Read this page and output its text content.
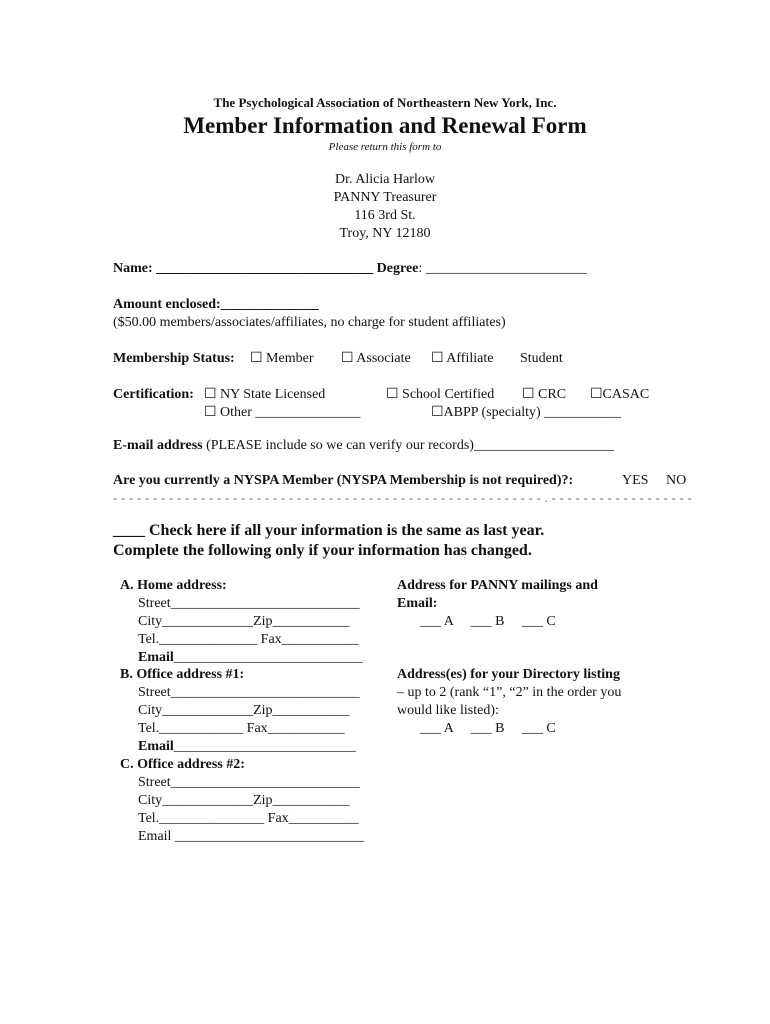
The Psychological Association of Northeastern New York, Inc.
Member Information and Renewal Form
Please return this form to
Dr. Alicia Harlow
PANNY Treasurer
116 3rd St.
Troy, NY 12180
Name: _______________________________ Degree: _______________________
Amount enclosed:______________
($50.00 members/associates/affiliates, no charge for student affiliates)
Membership Status: ☐ Member ☐ Associate ☐ Affiliate Student
Certification: ☐ NY State Licensed	☐ School Certified ☐ CRC ☐CASAC
☐ Other _______________	☐ABPP (specialty) ___________
E-mail address (PLEASE include so we can verify our records)____________________
Are you currently a NYSPA Member (NYSPA Membership is not required)?:	YES NO
- - - - - - - - - - - - - - - - - - - - - - - - - - - - - - - - - - - - - - - - - - - - - - - - - - - - - - . - - - - - - - - - - - - - - - - - -
____ Check here if all your information is the same as last year.
Complete the following only if your information has changed.
A. Home address:
Street___________________________
City_____________Zip___________
Tel.______________ Fax___________
Email___________________________
B. Office address #1:
Street___________________________
City_____________Zip___________
Tel.____________ Fax___________
Email__________________________
C. Office address #2:
Street___________________________
City_____________Zip___________
Tel._______________ Fax__________
Email ___________________________
Address for PANNY mailings and
Email:
___ A     ___ B     ___ C
Address(es) for your Directory listing
– up to 2 (rank “1”, “2” in the order you
would like listed):
___ A     ___ B     ___ C
